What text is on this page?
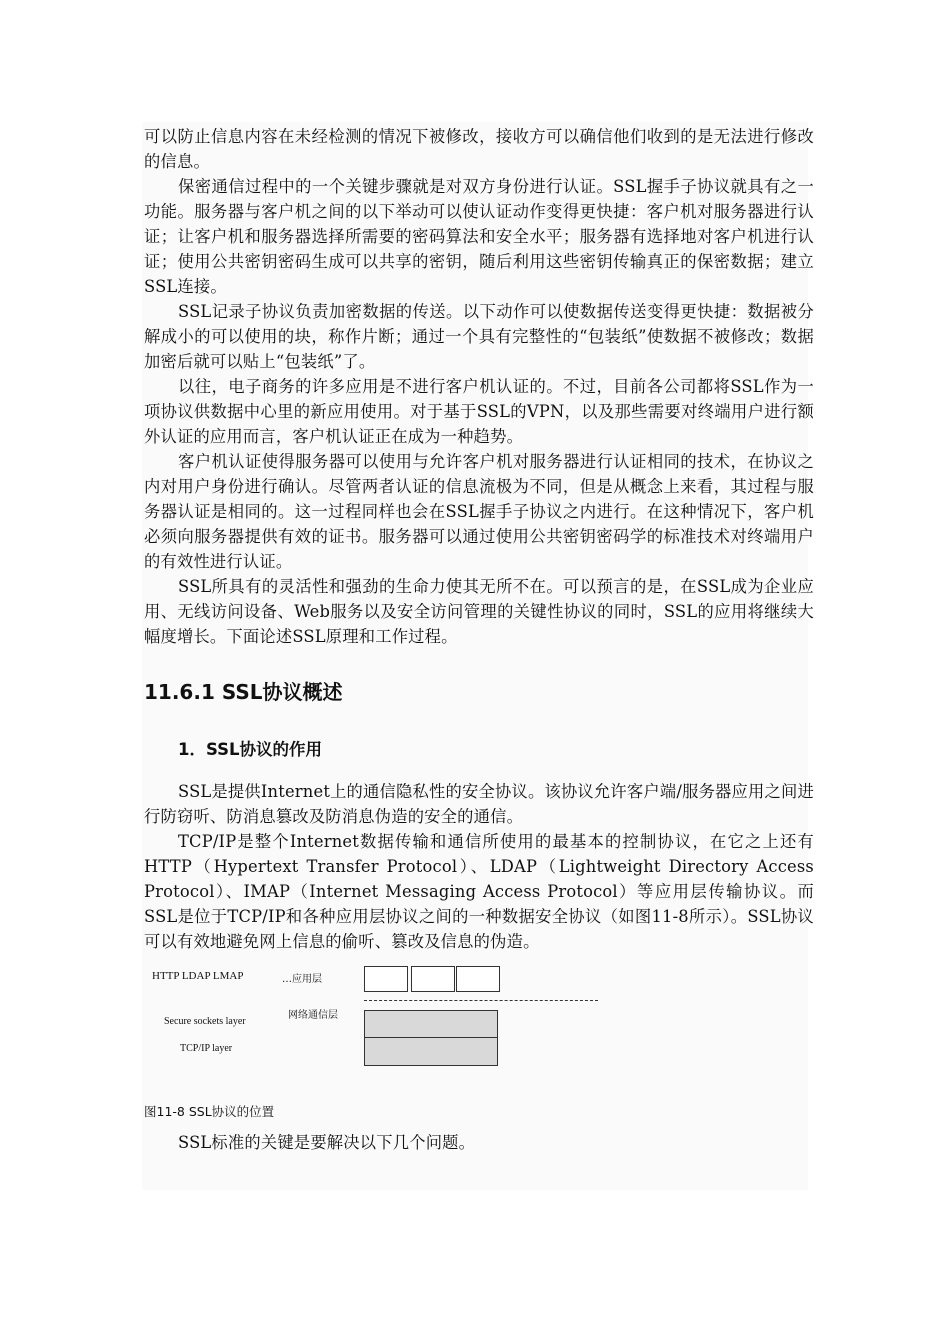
可以防止信息内容在未经检测的情况下被修改，接收方可以确信他们收到的是无法进行修改的信息。

保密通信过程中的一个关键步骤就是对双方身份进行认证。SSL握手子协议就具有之一功能。服务器与客户机之间的以下举动可以使认证动作变得更快捷：客户机对服务器进行认证；让客户机和服务器选择所需要的密码算法和安全水平；服务器有选择地对客户机进行认证；使用公共密钥密码生成可以共享的密钥，随后利用这些密钥传输真正的保密数据；建立SSL连接。

SSL记录子协议负责加密数据的传送。以下动作可以使数据传送变得更快捷：数据被分解成小的可以使用的块，称作片断；通过一个具有完整性的“包装纸”使数据不被修改；数据加密后就可以贴上“包装纸”了。

以往，电子商务的许多应用是不进行客户机认证的。不过，目前各公司都将SSL作为一项协议供数据中心里的新应用使用。对于基于SSL的VPN，以及那些需要对终端用户进行额外认证的应用而言，客户机认证正在成为一种趋势。

客户机认证使得服务器可以使用与允许客户机对服务器进行认证相同的技术，在协议之内对用户身份进行确认。尽管两者认证的信息流极为不同，但是从概念上来看，其过程与服务器认证是相同的。这一过程同样也会在SSL握手子协议之内进行。在这种情况下，客户机必须向服务器提供有效的证书。服务器可以通过使用公共密钥密码学的标准技术对终端用户的有效性进行认证。

SSL所具有的灵活性和强劲的生命力使其无所不在。可以预言的是，在SSL成为企业应用、无线访问设备、Web服务以及安全访问管理的关键性协议的同时，SSL的应用将继续大幅度增长。下面论述SSL原理和工作过程。

11.6.1 SSL协议概述
1．SSL协议的作用

SSL是提供Internet上的通信隐私性的安全协议。该协议允许客户端/服务器应用之间进行防窃听、防消息篡改及防消息伪造的安全的通信。

TCP/IP是整个Internet数据传输和通信所使用的最基本的控制协议，在它之上还有HTTP（Hypertext Transfer Protocol）、LDAP（Lightweight Directory Access Protocol）、IMAP（Internet Messaging Access Protocol）等应用层传输协议。而SSL是位于TCP/IP和各种应用层协议之间的一种数据安全协议（如图11-8所示）。SSL协议可以有效地避免网上信息的偷听、篡改及信息的伪造。

HTTP LDAP LMAP	…应用层
网络通信层
Secure sockets layer
TCP/IP layer
图11-8 SSL协议的位置

SSL标准的关键是要解决以下几个问题。
